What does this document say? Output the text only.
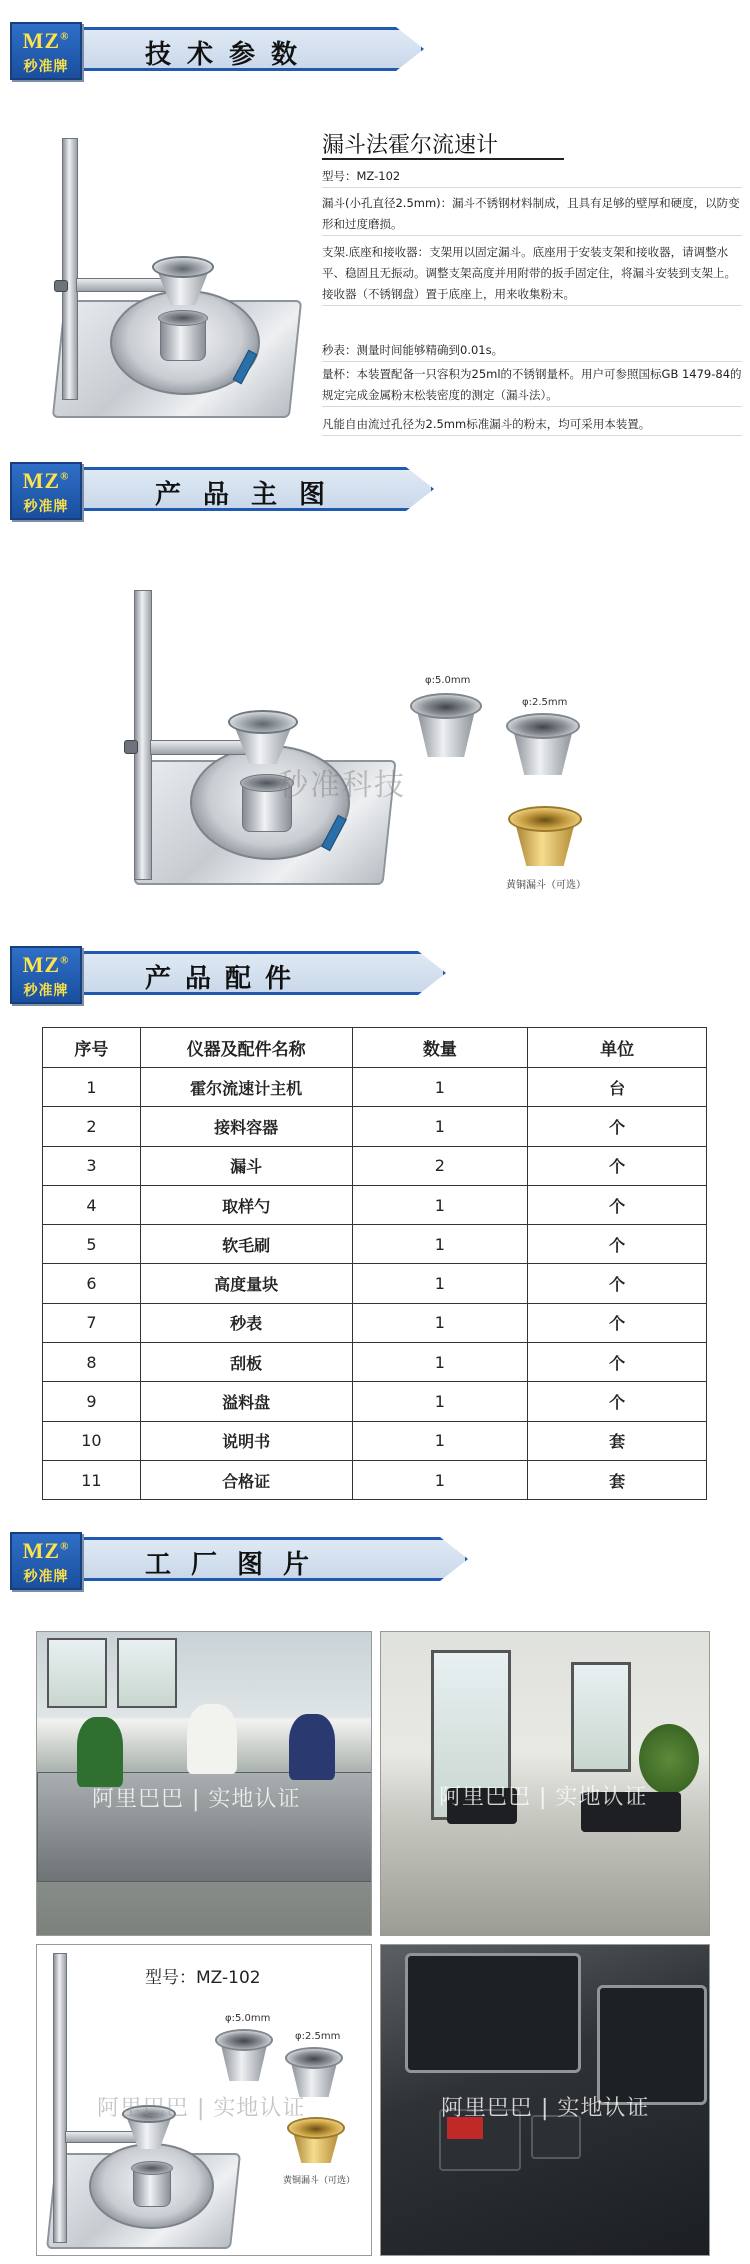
MZ®
秒准牌	技术参数
漏斗法霍尔流速计
型号：MZ-102
漏斗(小孔直径2.5mm)：漏斗不锈钢材料制成，且具有足够的壁厚和硬度，以防变形和过度磨损。
支架.底座和接收器：支架用以固定漏斗。底座用于安装支架和接收器，请调整水平、稳固且无振动。调整支架高度并用附带的扳手固定住，将漏斗安装到支架上。接收器（不锈钢盘）置于底座上，用来收集粉末。
秒表：测量时间能够精确到0.01s。
量杯：本装置配备一只容积为25ml的不锈钢量杯。用户可参照国标GB 1479-84的规定完成金属粉末松装密度的测定（漏斗法）。
凡能自由流过孔径为2.5mm标准漏斗的粉末，均可采用本装置。
MZ®
秒准牌	产品主图
秒准科技
φ:5.0mm
φ:2.5mm
黄铜漏斗（可选）
MZ®
秒准牌	产品配件
序号	仪器及配件名称	数量	单位
1	霍尔流速计主机	1	台
2	接料容器	1	个
3	漏斗	2	个
4	取样勺	1	个
5	软毛刷	1	个
6	高度量块	1	个
7	秒表	1	个
8	刮板	1	个
9	溢料盘	1	个
10	说明书	1	套
11	合格证	1	套
MZ®
秒准牌	工厂图片
阿里巴巴 | 实地认证	阿里巴巴 | 实地认证
型号：MZ-102
φ:5.0mm
φ:2.5mm
黄铜漏斗（可选）
阿里巴巴 | 实地认证	阿里巴巴 | 实地认证
